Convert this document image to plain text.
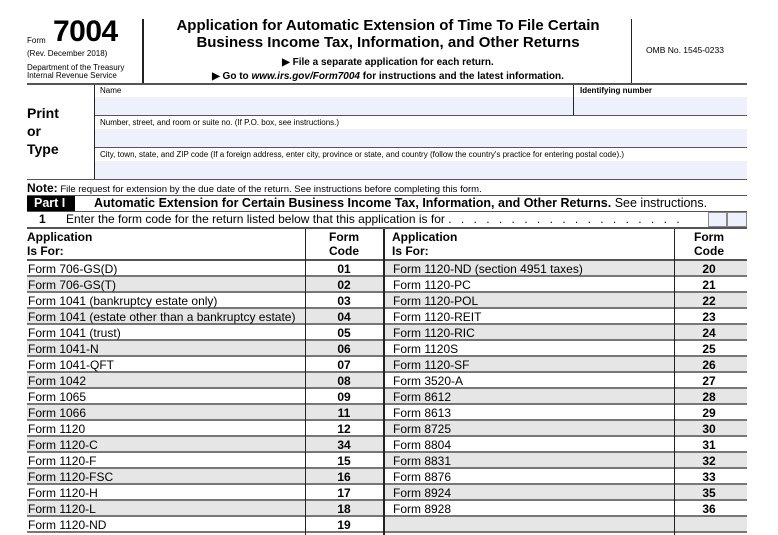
Form 7004
(Rev. December 2018)
Department of the Treasury
Internal Revenue Service
Application for Automatic Extension of Time To File Certain
Business Income Tax, Information, and Other Returns
▶ File a separate application for each return.
▶ Go to www.irs.gov/Form7004 for instructions and the latest information.
OMB No. 1545-0233
Print
or
Type
Name	Identifying number
Number, street, and room or suite no. (If P.O. box, see instructions.)
City, town, state, and ZIP code (If a foreign address, enter city, province or state, and country (follow the country's practice for entering postal code).)
Note: File request for extension by the due date of the return. See instructions before completing this form.
Part I	Automatic Extension for Certain Business Income Tax, Information, and Other Returns. See instructions.
1 Enter the form code for the return listed below that this application is for . . . . . . . . . . . . . . . . . . .
Application
Is For:
Form
Code
Application
Is For:
Form
Code
Form 706-GS(D)	01
Form 706-GS(T)	02
Form 1041 (bankruptcy estate only)	03
Form 1041 (estate other than a bankruptcy estate)	04
Form 1041 (trust)	05
Form 1041-N	06
Form 1041-QFT	07
Form 1042	08
Form 1065	09
Form 1066	11
Form 1120	12
Form 1120-C	34
Form 1120-F	15
Form 1120-FSC	16
Form 1120-H	17
Form 1120-L	18
Form 1120-ND	19
Form 1120-ND (section 4951 taxes)	20
Form 1120-PC	21
Form 1120-POL	22
Form 1120-REIT	23
Form 1120-RIC	24
Form 1120S	25
Form 1120-SF	26
Form 3520-A	27
Form 8612	28
Form 8613	29
Form 8725	30
Form 8804	31
Form 8831	32
Form 8876	33
Form 8924	35
Form 8928	36
